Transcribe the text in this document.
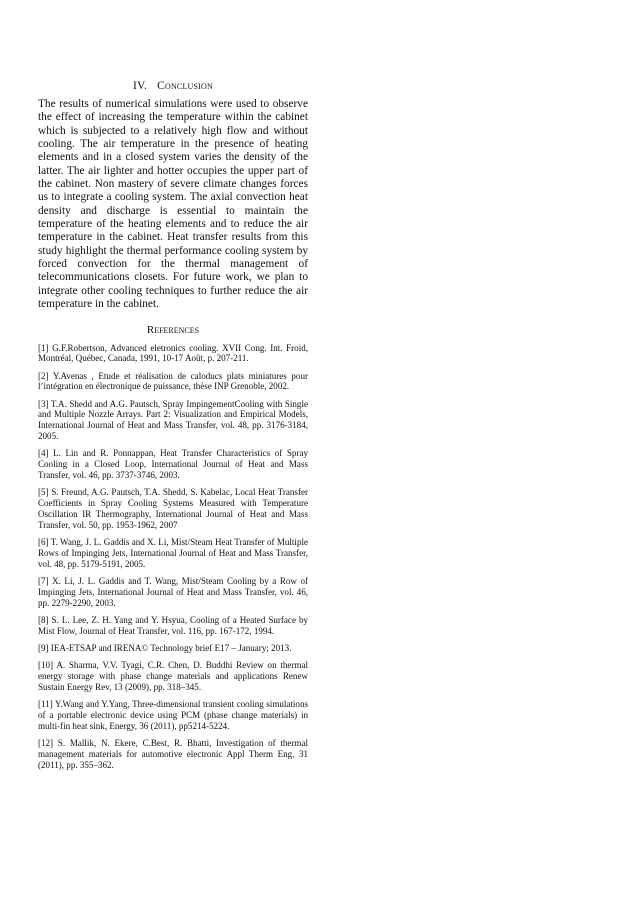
IV. Conclusion

The results of numerical simulations were used to observe the effect of increasing the temperature within the cabinet which is subjected to a relatively high flow and without cooling. The air temperature in the presence of heating elements and in a closed system varies the density of the latter. The air lighter and hotter occupies the upper part of the cabinet. Non mastery of severe climate changes forces us to integrate a cooling system. The axial convection heat density and discharge is essential to maintain the temperature of the heating elements and to reduce the air temperature in the cabinet. Heat transfer results from this study highlight the thermal performance cooling system by forced convection for the thermal management of telecommunications closets. For future work, we plan to integrate other cooling techniques to further reduce the air temperature in the cabinet.

References

[1] G.F.Robertson, Advanced eletronics cooling. XVII Cong. Int. Froid, Montréal, Québec, Canada, 1991, 10-17 Août, p. 207-211.

[2] Y.Avenas , Etude et réalisation de caloducs plats miniatures pour l’intégration en électronique de puissance, thèse INP Grenoble, 2002.

[3] T.A. Shedd and A.G. Pautsch, Spray ImpingementCooling with Single and Multiple Nozzle Arrays. Part 2: Visualization and Empirical Models, International Journal of Heat and Mass Transfer, vol. 48, pp. 3176-3184, 2005.

[4] L. Lin and R. Ponnappan, Heat Transfer Characteristics of Spray Cooling in a Closed Loop, International Journal of Heat and Mass Transfer, vol. 46, pp. 3737-3746, 2003.

[5] S. Freund, A.G. Pautsch, T.A. Shedd, S. Kabelac, Local Heat Transfer Coefficients in Spray Cooling Systems Measured with Temperature Oscillation IR Thermography, International Journal of Heat and Mass Transfer, vol. 50, pp. 1953-1962, 2007

[6] T. Wang, J. L. Gaddis and X. Li, Mist/Steam Heat Transfer of Multiple Rows of Impinging Jets, International Journal of Heat and Mass Transfer, vol. 48, pp. 5179-5191, 2005.

[7] X. Li, J. L. Gaddis and T. Wang, Mist/Steam Cooling by a Row of Impinging Jets, International Journal of Heat and Mass Transfer, vol. 46, pp. 2279-2290, 2003.

[8] S. L. Lee, Z. H. Yang and Y. Hsyua, Cooling of a Heated Surface by Mist Flow, Journal of Heat Transfer, vol. 116, pp. 167-172, 1994.

[9] IEA-ETSAP and IRENA© Technology brief E17 – January; 2013.

[10] A. Sharma, V.V. Tyagi, C.R. Chen, D. Buddhi Review on thermal energy storage with phase change materials and applications Renew Sustain Energy Rev, 13 (2009), pp. 318–345.

[11] Y.Wang and Y.Yang, Three-dimensional transient cooling simulations of a portable electronic device using PCM (phase change materials) in multi-fin heat sink, Energy, 36 (2011), pp5214-5224.

[12] S. Mallik, N. Ekere, C.Best, R. Bhatti, Investigation of thermal management materials for automotive electronic Appl Therm Eng, 31 (2011), pp. 355–362.
